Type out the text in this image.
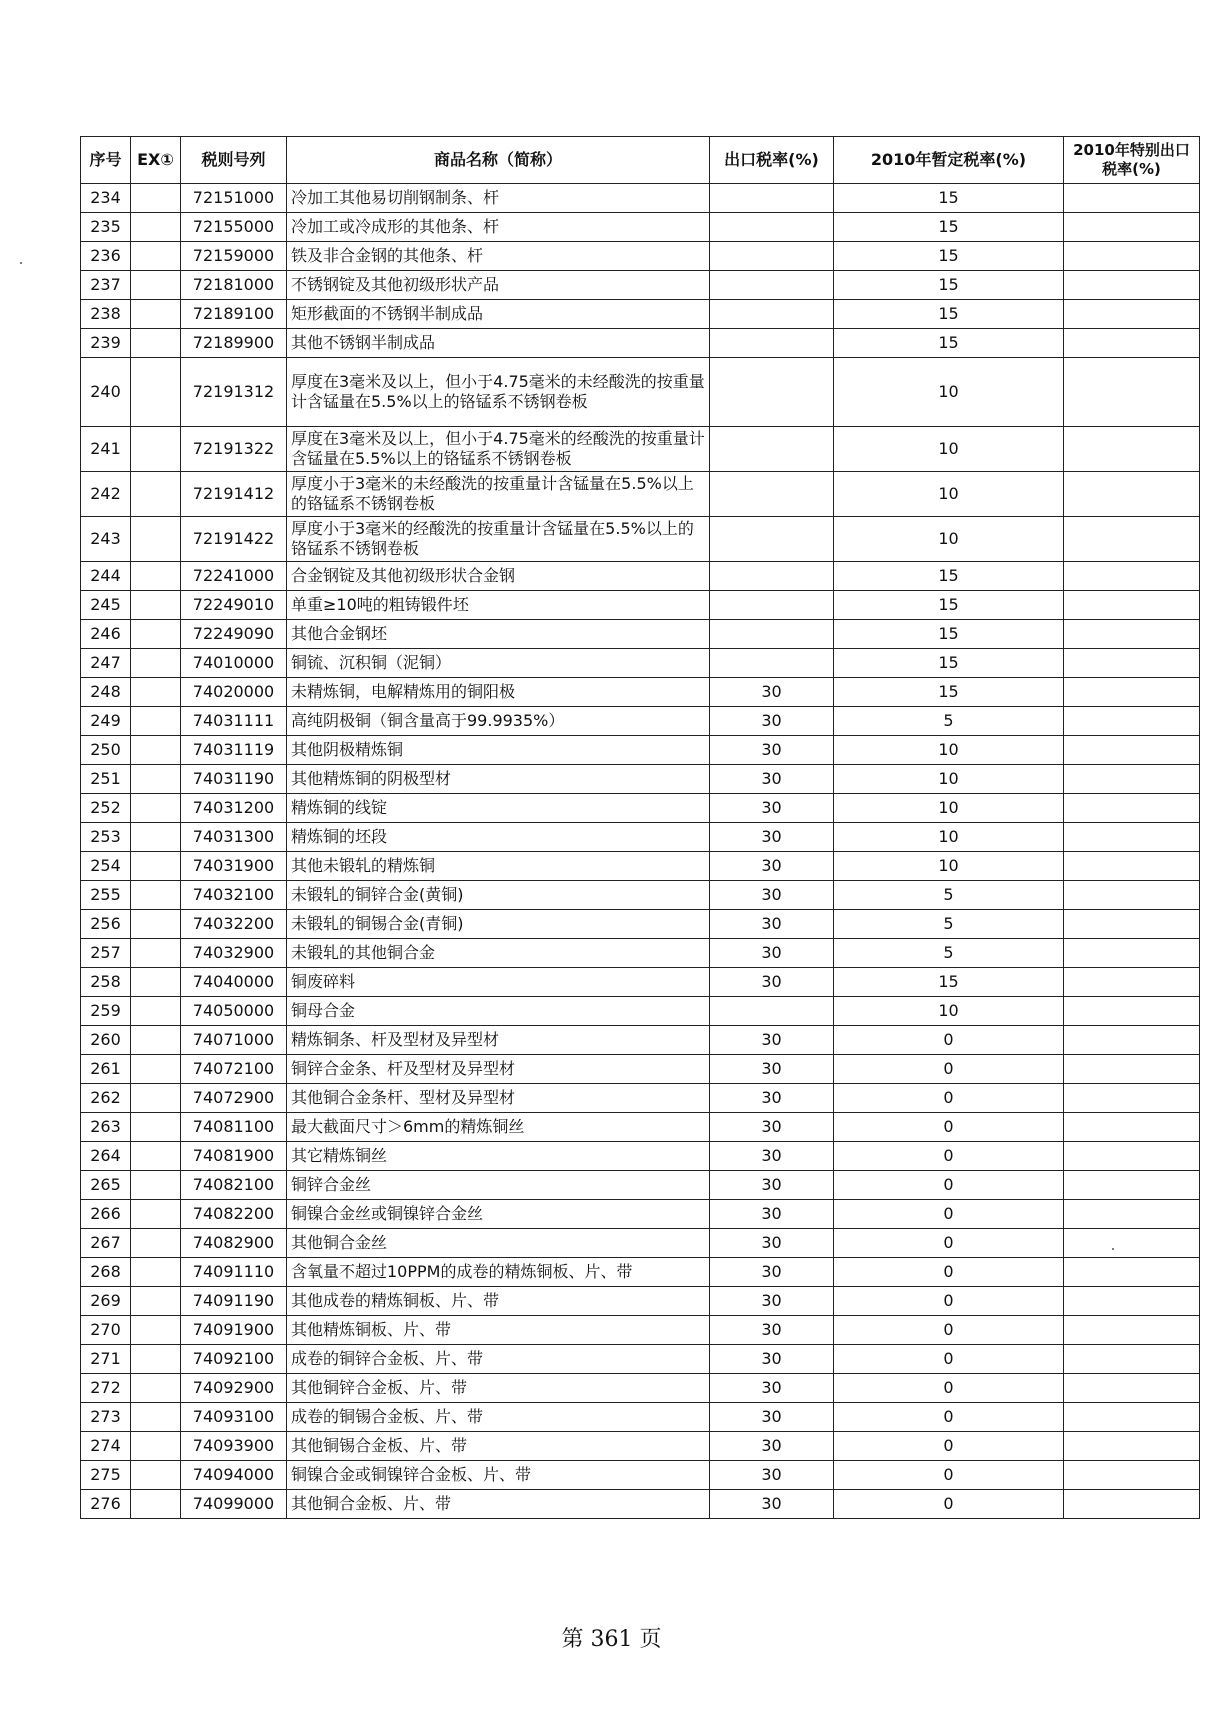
序号	EX①	税则号列	商品名称（简称）	出口税率(%)	2010年暂定税率(%)	2010年特别出口税率(%)
234		72151000	冷加工其他易切削钢制条、杆		15	
235		72155000	冷加工或冷成形的其他条、杆		15	
236		72159000	铁及非合金钢的其他条、杆		15	
237		72181000	不锈钢锭及其他初级形状产品		15	
238		72189100	矩形截面的不锈钢半制成品		15	
239		72189900	其他不锈钢半制成品		15	
240		72191312	厚度在3毫米及以上，但小于4.75毫米的未经酸洗的按重量计含锰量在5.5%以上的铬锰系不锈钢卷板		10	
241		72191322	厚度在3毫米及以上，但小于4.75毫米的经酸洗的按重量计含锰量在5.5%以上的铬锰系不锈钢卷板		10	
242		72191412	厚度小于3毫米的未经酸洗的按重量计含锰量在5.5%以上的铬锰系不锈钢卷板		10	
243		72191422	厚度小于3毫米的经酸洗的按重量计含锰量在5.5%以上的铬锰系不锈钢卷板		10	
244		72241000	合金钢锭及其他初级形状合金钢		15	
245		72249010	单重≥10吨的粗铸锻件坯		15	
246		72249090	其他合金钢坯		15	
247		74010000	铜锍、沉积铜（泥铜）		15	
248		74020000	未精炼铜，电解精炼用的铜阳极	30	15	
249		74031111	高纯阴极铜（铜含量高于99.9935%）	30	5	
250		74031119	其他阴极精炼铜	30	10	
251		74031190	其他精炼铜的阴极型材	30	10	
252		74031200	精炼铜的线锭	30	10	
253		74031300	精炼铜的坯段	30	10	
254		74031900	其他未锻轧的精炼铜	30	10	
255		74032100	未锻轧的铜锌合金(黄铜)	30	5	
256		74032200	未锻轧的铜锡合金(青铜)	30	5	
257		74032900	未锻轧的其他铜合金	30	5	
258		74040000	铜废碎料	30	15	
259		74050000	铜母合金		10	
260		74071000	精炼铜条、杆及型材及异型材	30	0	
261		74072100	铜锌合金条、杆及型材及异型材	30	0	
262		74072900	其他铜合金条杆、型材及异型材	30	0	
263		74081100	最大截面尺寸＞6mm的精炼铜丝	30	0	
264		74081900	其它精炼铜丝	30	0	
265		74082100	铜锌合金丝	30	0	
266		74082200	铜镍合金丝或铜镍锌合金丝	30	0	
267		74082900	其他铜合金丝	30	0	
268		74091110	含氧量不超过10PPM的成卷的精炼铜板、片、带	30	0	
269		74091190	其他成卷的精炼铜板、片、带	30	0	
270		74091900	其他精炼铜板、片、带	30	0	
271		74092100	成卷的铜锌合金板、片、带	30	0	
272		74092900	其他铜锌合金板、片、带	30	0	
273		74093100	成卷的铜锡合金板、片、带	30	0	
274		74093900	其他铜锡合金板、片、带	30	0	
275		74094000	铜镍合金或铜镍锌合金板、片、带	30	0	
276		74099000	其他铜合金板、片、带	30	0	
第 361 页
